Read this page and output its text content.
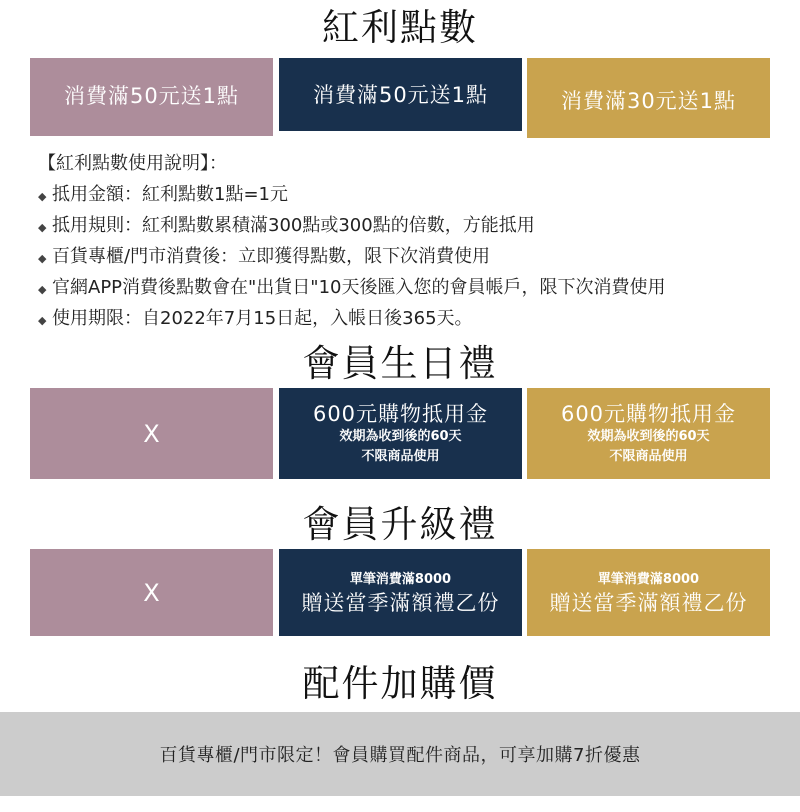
紅利點數
消費滿50元送1點	消費滿50元送1點	消費滿30元送1點
【紅利點數使用說明】：
◆ 抵用金額：紅利點數1點=1元
◆ 抵用規則：紅利點數累積滿300點或300點的倍數，方能抵用
◆ 百貨專櫃/門市消費後：立即獲得點數，限下次消費使用
◆ 官網APP消費後點數會在"出貨日"10天後匯入您的會員帳戶，限下次消費使用
◆ 使用期限：自2022年7月15日起，入帳日後365天。
會員生日禮
X
600元購物抵用金
效期為收到後的60天
不限商品使用
600元購物抵用金
效期為收到後的60天
不限商品使用
會員升級禮
X	單筆消費滿8000
贈送當季滿額禮乙份
單筆消費滿8000
贈送當季滿額禮乙份
配件加購價
百貨專櫃/門市限定！會員購買配件商品，可享加購7折優惠
